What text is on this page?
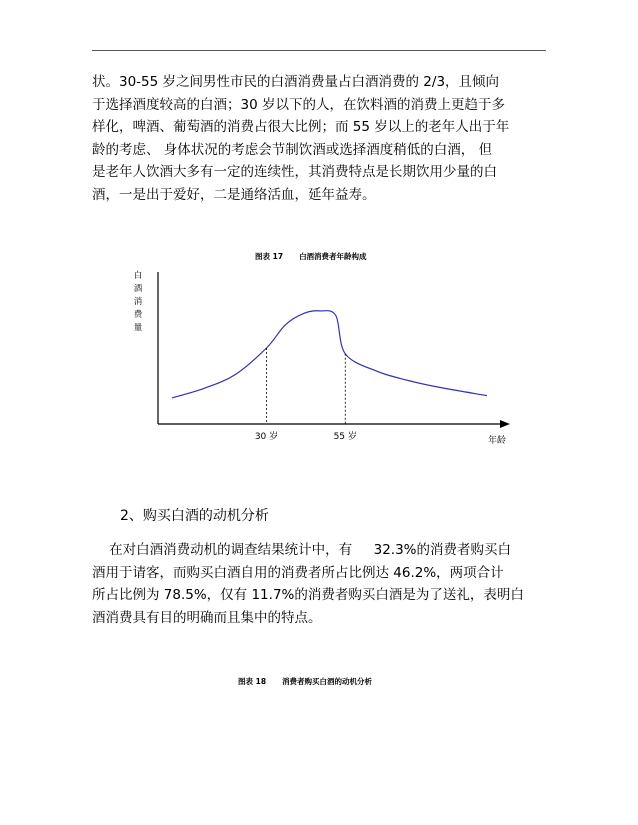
状。30-55 岁之间男性市民的白酒消费量占白酒消费的 2/3，且倾向
于选择酒度较高的白酒；30 岁以下的人，在饮料酒的消费上更趋于多
样化，啤酒、葡萄酒的消费占很大比例；而 55 岁以上的老年人出于年
龄的考虑、 身体状况的考虑会节制饮酒或选择酒度稍低的白酒， 但
是老年人饮酒大多有一定的连续性，其消费特点是长期饮用少量的白
酒，一是出于爱好，二是通络活血，延年益寿。
图表 17 白酒消费者年龄构成
白
酒
消
费
量
30 岁	55 岁	年龄
2、购买白酒的动机分析
在对白酒消费动机的调查结果统计中，有     32.3%的消费者购买白
酒用于请客，而购买白酒自用的消费者所占比例达 46.2%，两项合计
所占比例为 78.5%，仅有 11.7%的消费者购买白酒是为了送礼，表明白
酒消费具有目的明确而且集中的特点。
图表 18 消费者购买白酒的动机分析
